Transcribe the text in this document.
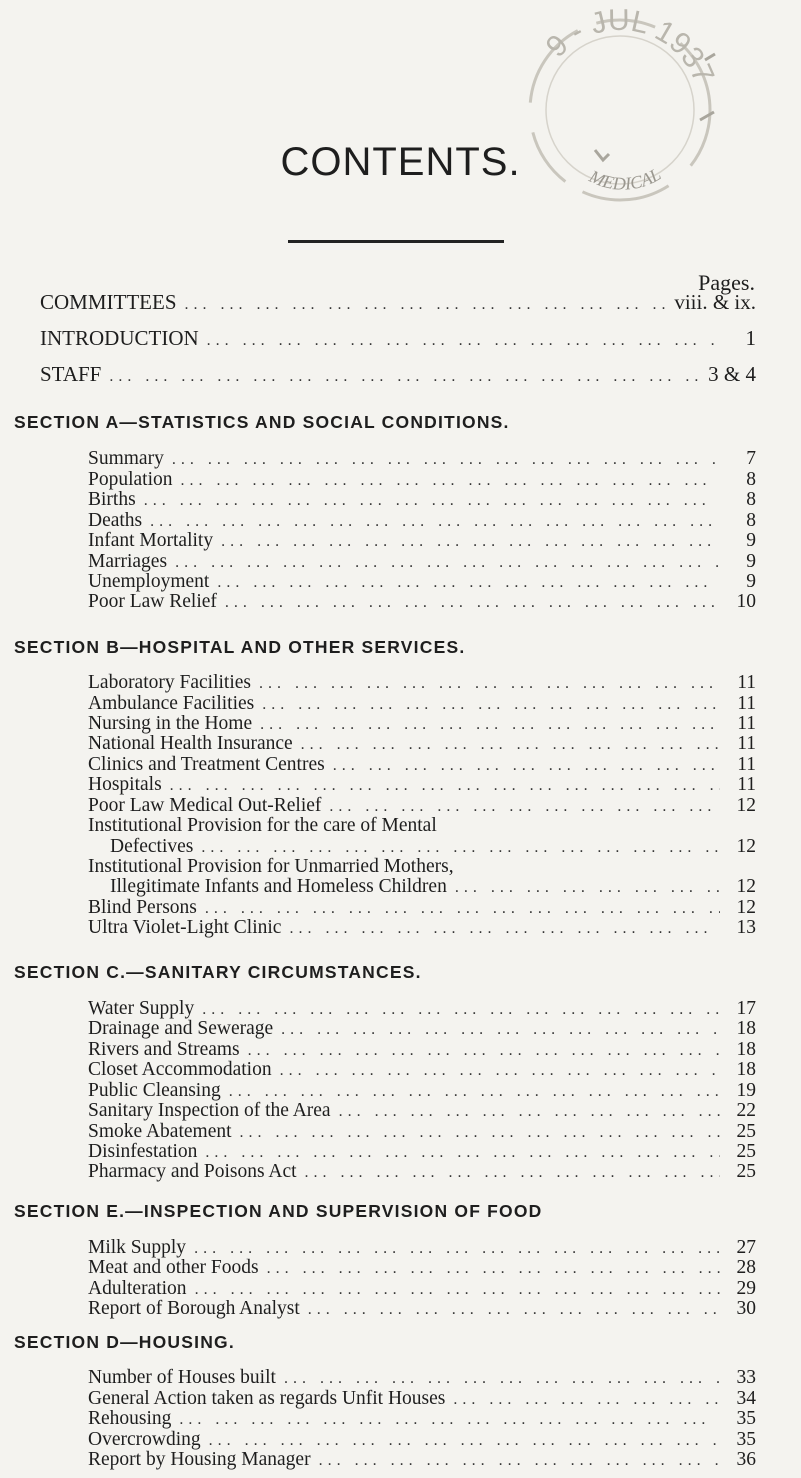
9 - JUL 1937
MEDICAL
CONTENTS.
Pages.
COMMITTEES ... .	viii. & ix.
INTRODUCTION ... .	1
STAFF ... .	3 & 4
SECTION A—STATISTICS AND SOCIAL CONDITIONS.
Summary ... .	7
Population ... .	8
Births ... .	8
Deaths ... .	8
Infant Mortality ... .	9
Marriages ... .	9
Unemployment ... .	9
Poor Law Relief ... .	10
SECTION B—HOSPITAL AND OTHER SERVICES.
Laboratory Facilities ... .	11
Ambulance Facilities ... .	11
Nursing in the Home ... .	11
National Health Insurance ... .	11
Clinics and Treatment Centres ... .	11
Hospitals ... .	11
Poor Law Medical Out-Relief ... .	12
Institutional Provision for the care of Mental
Defectives ... .	12
Institutional Provision for Unmarried Mothers,
Illegitimate Infants and Homeless Children ... .	12
Blind Persons ... .	12
Ultra Violet-Light Clinic ... .	13
SECTION C.—SANITARY CIRCUMSTANCES.
Water Supply ... .	17
Drainage and Sewerage ... .	18
Rivers and Streams ... .	18
Closet Accommodation ... .	18
Public Cleansing ... .	19
Sanitary Inspection of the Area ... .	22
Smoke Abatement ... .	25
Disinfestation ... .	25
Pharmacy and Poisons Act ... .	25
SECTION E.—INSPECTION AND SUPERVISION OF FOOD
Milk Supply ... .	27
Meat and other Foods ... .	28
Adulteration ... .	29
Report of Borough Analyst ... .	30
SECTION D—HOUSING.
Number of Houses built ... .	33
General Action taken as regards Unfit Houses ... .	34
Rehousing ... .	35
Overcrowding ... .	35
Report by Housing Manager ... .	36
